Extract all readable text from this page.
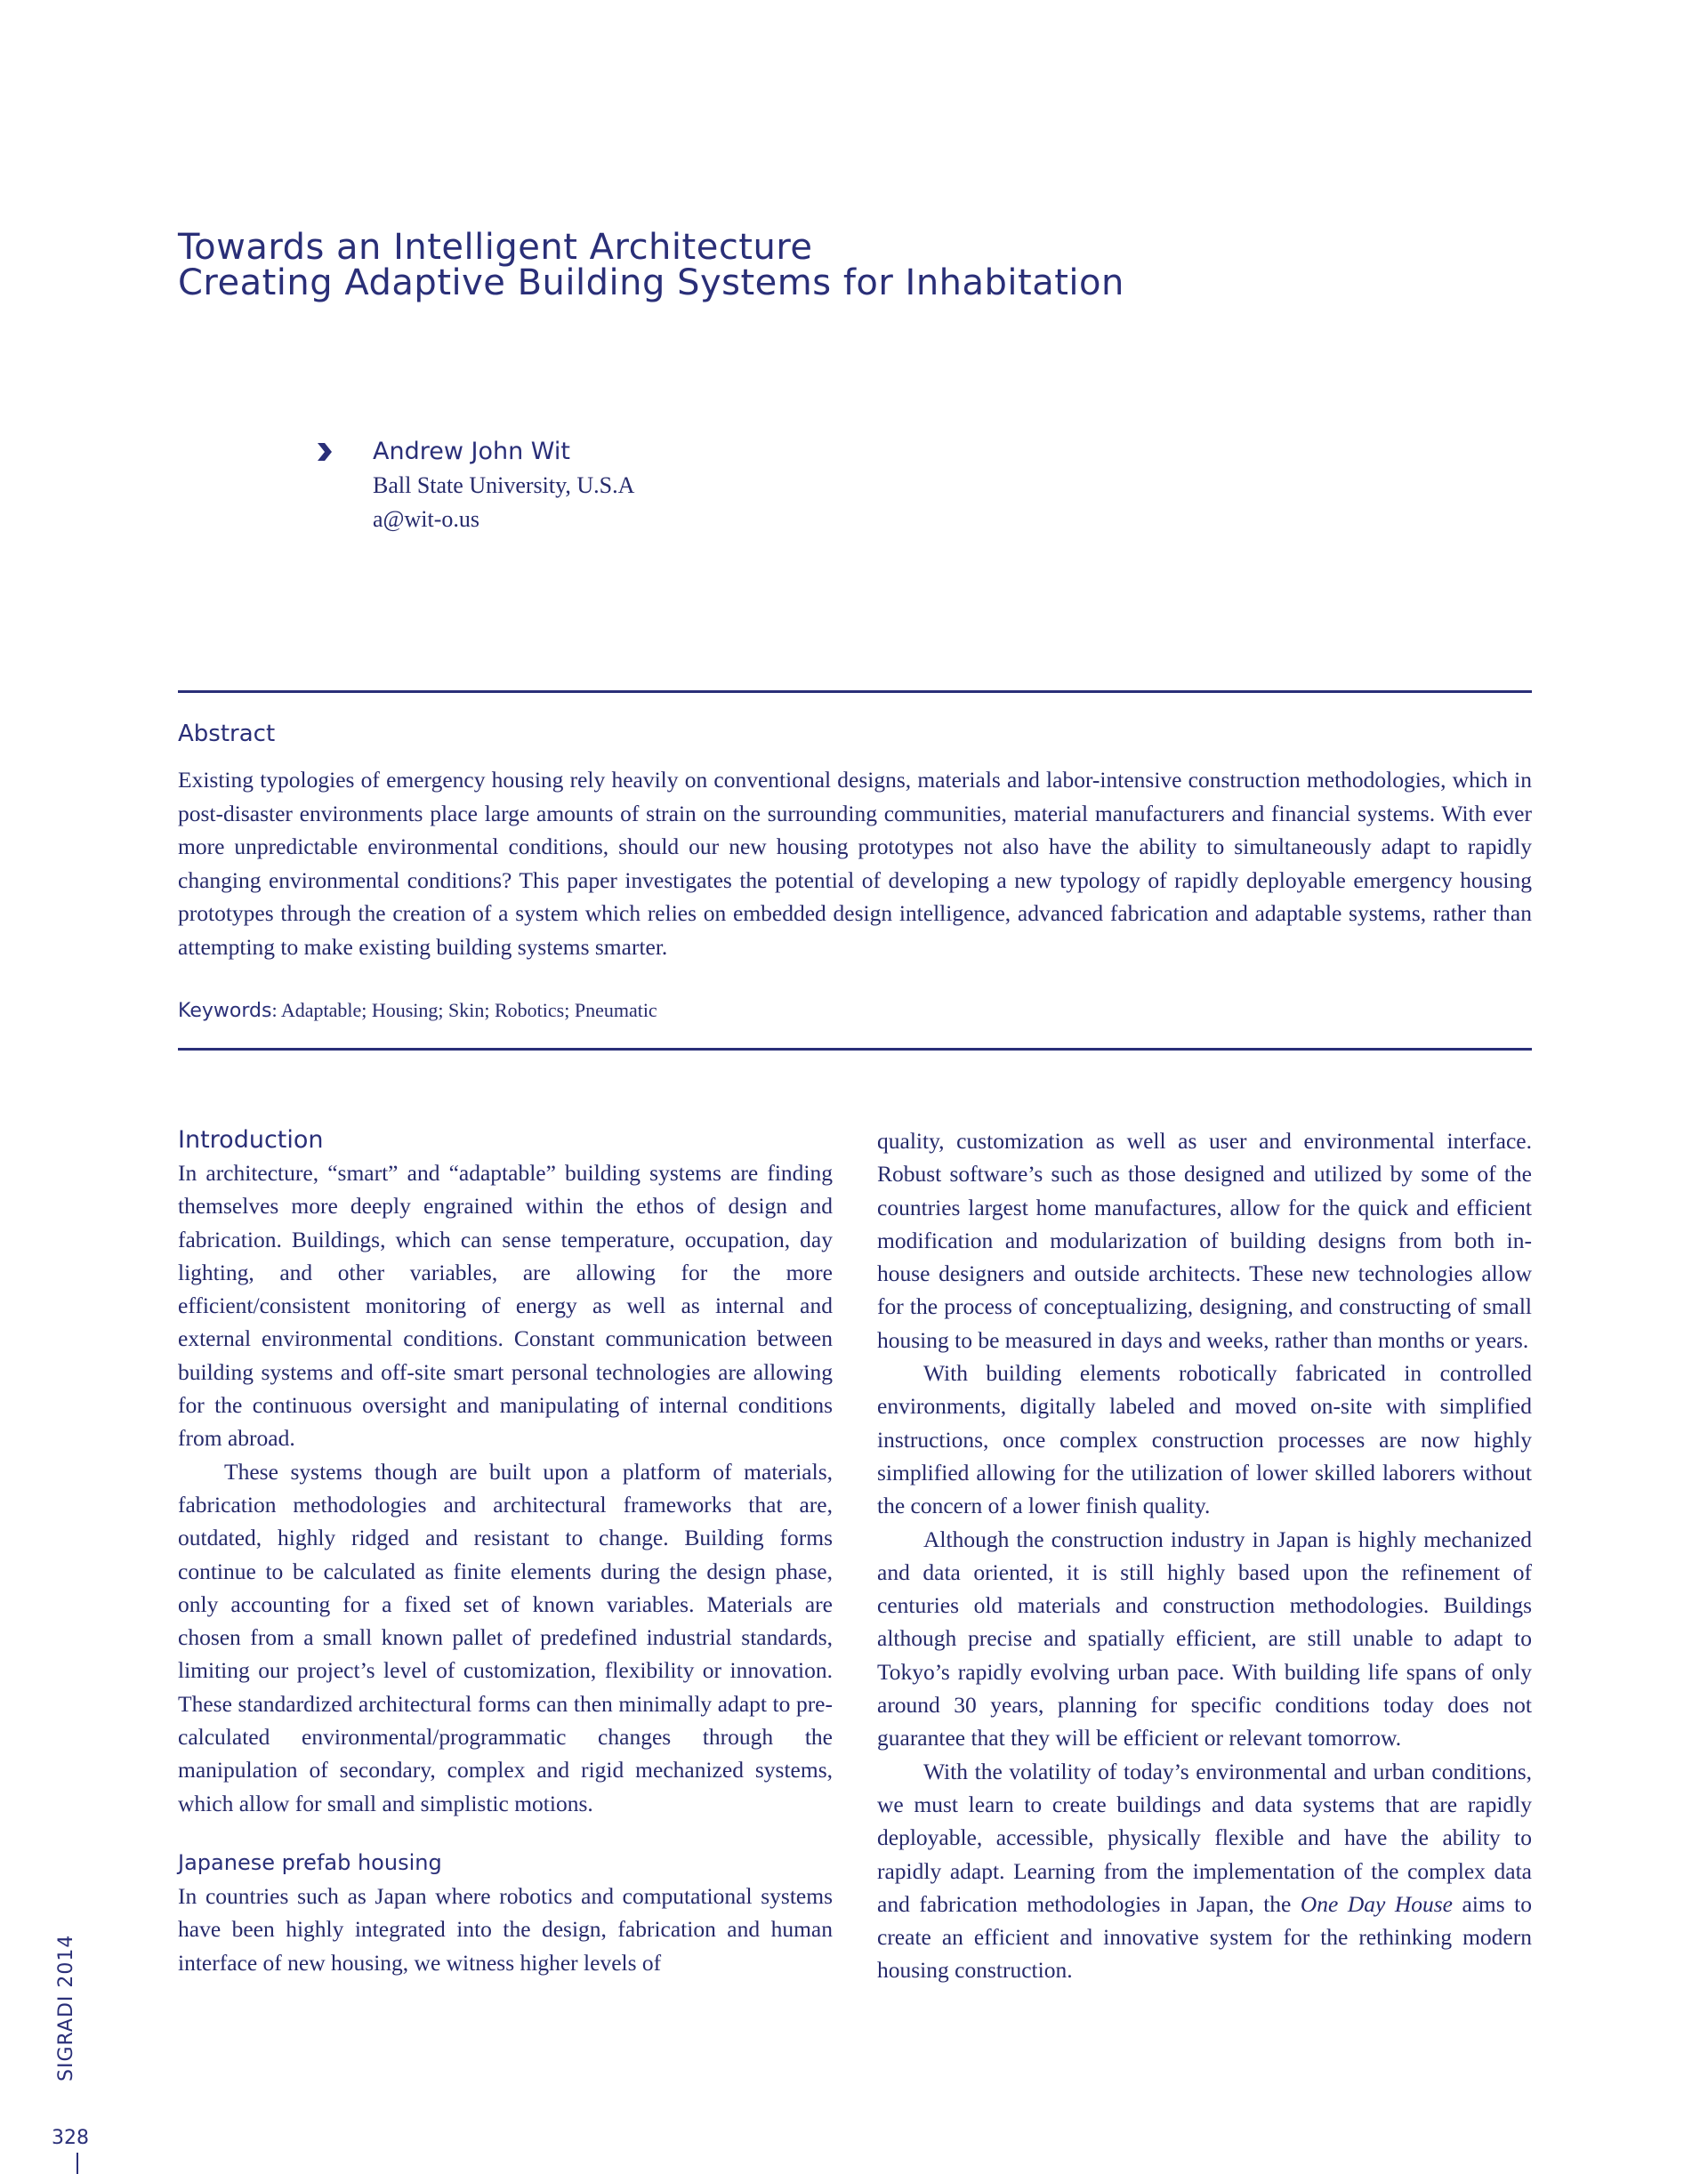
Towards an Intelligent Architecture
Creating Adaptive Building Systems for Inhabitation
Andrew John Wit
Ball State University, U.S.A
a@wit-o.us
Abstract
Existing typologies of emergency housing rely heavily on conventional designs, materials and labor-intensive construction methodologies, which in post-disaster environments place large amounts of strain on the surrounding communities, material manufacturers and financial systems. With ever more unpredictable environmental conditions, should our new housing prototypes not also have the ability to simultaneously adapt to rapidly changing environmental conditions? This paper investigates the potential of developing a new typology of rapidly deployable emergency housing prototypes through the creation of a system which relies on embedded design intelligence, advanced fabrication and adaptable systems, rather than attempting to make existing building systems smarter.
Keywords: Adaptable; Housing; Skin; Robotics; Pneumatic
Introduction

In architecture, “smart” and “adaptable” building systems are finding themselves more deeply engrained within the ethos of design and fabrication. Buildings, which can sense temperature, occupation, day lighting, and other variables, are allowing for the more efficient/consistent monitoring of energy as well as internal and external environmental conditions. Constant communication between building systems and off-site smart personal technologies are allowing for the continuous oversight and manipulating of internal conditions from abroad.

These systems though are built upon a platform of materials, fabrication methodologies and architectural frameworks that are, outdated, highly ridged and resistant to change. Building forms continue to be calculated as finite elements during the design phase, only accounting for a fixed set of known variables. Materials are chosen from a small known pallet of predefined industrial standards, limiting our project’s level of customization, flexibility or innovation. These standardized architectural forms can then minimally adapt to pre-calculated environmental/programmatic changes through the manipulation of secondary, complex and rigid mechanized systems, which allow for small and simplistic motions.

Japanese prefab housing

In countries such as Japan where robotics and computational systems have been highly integrated into the design, fabrication and human interface of new housing, we witness higher levels of

quality, customization as well as user and environmental interface. Robust software’s such as those designed and utilized by some of the countries largest home manufactures, allow for the quick and efficient modification and modularization of building designs from both in-house designers and outside architects. These new technologies allow for the process of conceptualizing, designing, and constructing of small housing to be measured in days and weeks, rather than months or years.

With building elements robotically fabricated in controlled environments, digitally labeled and moved on-site with simplified instructions, once complex construction processes are now highly simplified allowing for the utilization of lower skilled laborers without the concern of a lower finish quality.

Although the construction industry in Japan is highly mechanized and data oriented, it is still highly based upon the refinement of centuries old materials and construction methodologies. Buildings although precise and spatially efficient, are still unable to adapt to Tokyo’s rapidly evolving urban pace. With building life spans of only around 30 years, planning for specific conditions today does not guarantee that they will be efficient or relevant tomorrow.

With the volatility of today’s environmental and urban conditions, we must learn to create buildings and data systems that are rapidly deployable, accessible, physically flexible and have the ability to rapidly adapt. Learning from the implementation of the complex data and fabrication methodologies in Japan, the One Day House aims to create an efficient and innovative system for the rethinking modern housing construction.

SIGRADI 2014
328
